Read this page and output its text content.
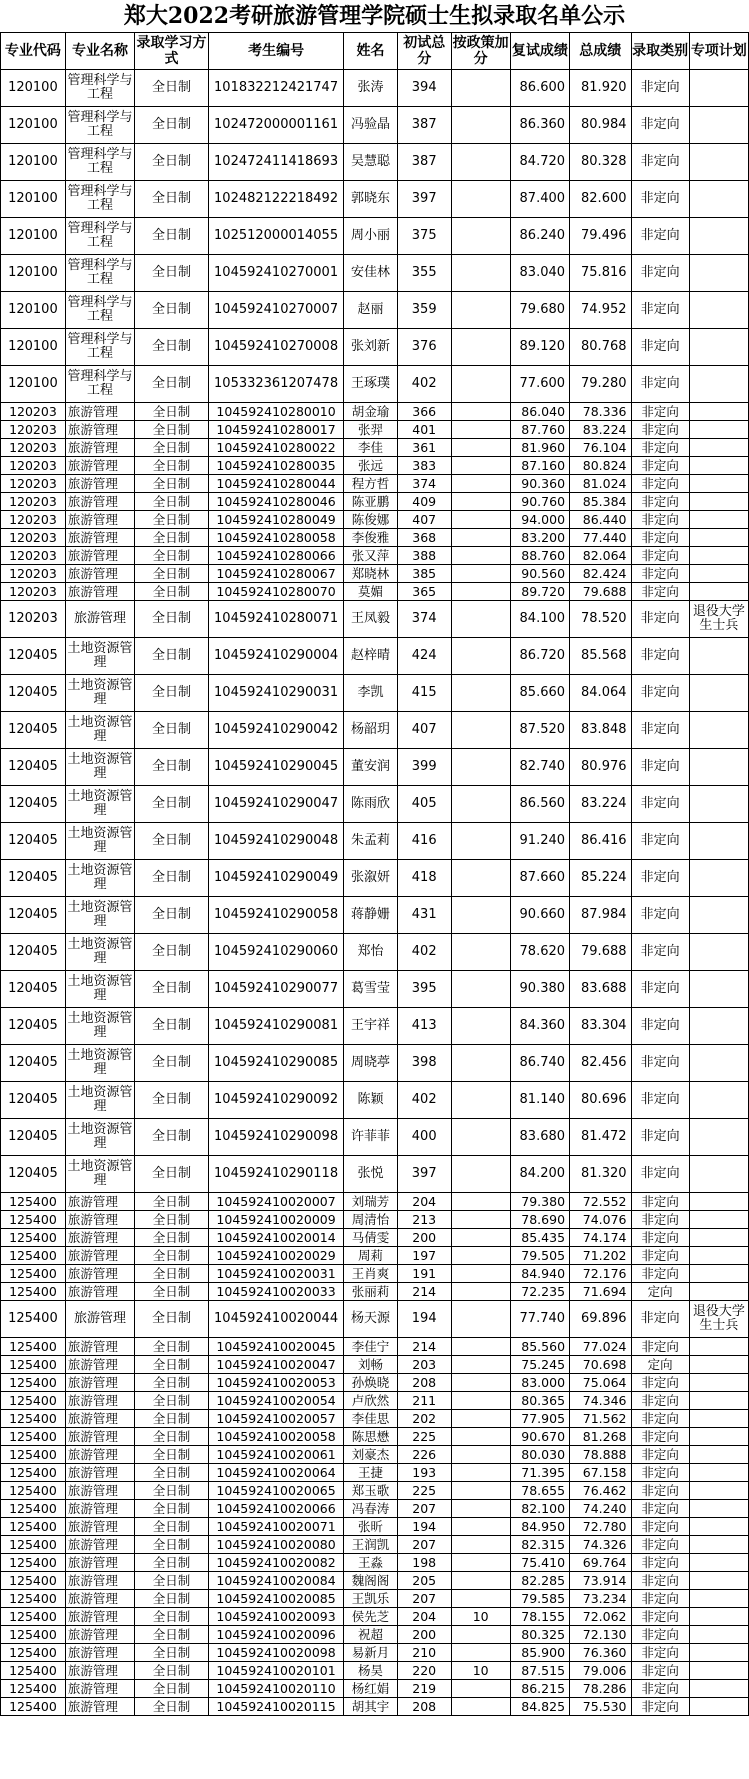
郑大2022考研旅游管理学院硕士生拟录取名单公示
专业代码	专业名称	录取学习方式	考生编号	姓名	初试总分	按政策加分	复试成绩	总成绩	录取类别	专项计划
120100	管理科学与工程	全日制	101832212421747	张涛	394		86.600	81.920	非定向	
120100	管理科学与工程	全日制	102472000001161	冯验晶	387		86.360	80.984	非定向	
120100	管理科学与工程	全日制	102472411418693	吴慧聪	387		84.720	80.328	非定向	
120100	管理科学与工程	全日制	102482122218492	郭晓东	397		87.400	82.600	非定向	
120100	管理科学与工程	全日制	102512000014055	周小丽	375		86.240	79.496	非定向	
120100	管理科学与工程	全日制	104592410270001	安佳林	355		83.040	75.816	非定向	
120100	管理科学与工程	全日制	104592410270007	赵丽	359		79.680	74.952	非定向	
120100	管理科学与工程	全日制	104592410270008	张刘新	376		89.120	80.768	非定向	
120100	管理科学与工程	全日制	105332361207478	王琢璞	402		77.600	79.280	非定向	
120203	旅游管理	全日制	104592410280010	胡金瑜	366		86.040	78.336	非定向	
120203	旅游管理	全日制	104592410280017	张羿	401		87.760	83.224	非定向	
120203	旅游管理	全日制	104592410280022	李佳	361		81.960	76.104	非定向	
120203	旅游管理	全日制	104592410280035	张远	383		87.160	80.824	非定向	
120203	旅游管理	全日制	104592410280044	程方哲	374		90.360	81.024	非定向	
120203	旅游管理	全日制	104592410280046	陈亚鹏	409		90.760	85.384	非定向	
120203	旅游管理	全日制	104592410280049	陈俊娜	407		94.000	86.440	非定向	
120203	旅游管理	全日制	104592410280058	李俊雅	368		83.200	77.440	非定向	
120203	旅游管理	全日制	104592410280066	张又萍	388		88.760	82.064	非定向	
120203	旅游管理	全日制	104592410280067	郑晓林	385		90.560	82.424	非定向	
120203	旅游管理	全日制	104592410280070	莫媚	365		89.720	79.688	非定向	
120203	旅游管理	全日制	104592410280071	王凤毅	374		84.100	78.520	非定向	退役大学生士兵
120405	土地资源管理	全日制	104592410290004	赵梓晴	424		86.720	85.568	非定向	
120405	土地资源管理	全日制	104592410290031	李凯	415		85.660	84.064	非定向	
120405	土地资源管理	全日制	104592410290042	杨韶玥	407		87.520	83.848	非定向	
120405	土地资源管理	全日制	104592410290045	董安润	399		82.740	80.976	非定向	
120405	土地资源管理	全日制	104592410290047	陈雨欣	405		86.560	83.224	非定向	
120405	土地资源管理	全日制	104592410290048	朱孟莉	416		91.240	86.416	非定向	
120405	土地资源管理	全日制	104592410290049	张溆妍	418		87.660	85.224	非定向	
120405	土地资源管理	全日制	104592410290058	蒋静姗	431		90.660	87.984	非定向	
120405	土地资源管理	全日制	104592410290060	郑怡	402		78.620	79.688	非定向	
120405	土地资源管理	全日制	104592410290077	葛雪莹	395		90.380	83.688	非定向	
120405	土地资源管理	全日制	104592410290081	王宇祥	413		84.360	83.304	非定向	
120405	土地资源管理	全日制	104592410290085	周晓葶	398		86.740	82.456	非定向	
120405	土地资源管理	全日制	104592410290092	陈颖	402		81.140	80.696	非定向	
120405	土地资源管理	全日制	104592410290098	许菲菲	400		83.680	81.472	非定向	
120405	土地资源管理	全日制	104592410290118	张悦	397		84.200	81.320	非定向	
125400	旅游管理	全日制	104592410020007	刘瑞芳	204		79.380	72.552	非定向	
125400	旅游管理	全日制	104592410020009	周清怡	213		78.690	74.076	非定向	
125400	旅游管理	全日制	104592410020014	马倩雯	200		85.435	74.174	非定向	
125400	旅游管理	全日制	104592410020029	周莉	197		79.505	71.202	非定向	
125400	旅游管理	全日制	104592410020031	王肖爽	191		84.940	72.176	非定向	
125400	旅游管理	全日制	104592410020033	张丽莉	214		72.235	71.694	定向	
125400	旅游管理	全日制	104592410020044	杨天源	194		77.740	69.896	非定向	退役大学生士兵
125400	旅游管理	全日制	104592410020045	李佳宁	214		85.560	77.024	非定向	
125400	旅游管理	全日制	104592410020047	刘畅	203		75.245	70.698	定向	
125400	旅游管理	全日制	104592410020053	孙焕晓	208		83.000	75.064	非定向	
125400	旅游管理	全日制	104592410020054	卢欣然	211		80.365	74.346	非定向	
125400	旅游管理	全日制	104592410020057	李佳思	202		77.905	71.562	非定向	
125400	旅游管理	全日制	104592410020058	陈思懋	225		90.670	81.268	非定向	
125400	旅游管理	全日制	104592410020061	刘豪杰	226		80.030	78.888	非定向	
125400	旅游管理	全日制	104592410020064	王捷	193		71.395	67.158	非定向	
125400	旅游管理	全日制	104592410020065	郑玉歌	225		78.655	76.462	非定向	
125400	旅游管理	全日制	104592410020066	冯春涛	207		82.100	74.240	非定向	
125400	旅游管理	全日制	104592410020071	张昕	194		84.950	72.780	非定向	
125400	旅游管理	全日制	104592410020080	王润凯	207		82.315	74.326	非定向	
125400	旅游管理	全日制	104592410020082	王淼	198		75.410	69.764	非定向	
125400	旅游管理	全日制	104592410020084	魏阁阁	205		82.285	73.914	非定向	
125400	旅游管理	全日制	104592410020085	王凯乐	207		79.585	73.234	非定向	
125400	旅游管理	全日制	104592410020093	侯先芝	204	10	78.155	72.062	非定向	
125400	旅游管理	全日制	104592410020096	祝超	200		80.325	72.130	非定向	
125400	旅游管理	全日制	104592410020098	易新月	210		85.900	76.360	非定向	
125400	旅游管理	全日制	104592410020101	杨昊	220	10	87.515	79.006	非定向	
125400	旅游管理	全日制	104592410020110	杨红娟	219		86.215	78.286	非定向	
125400	旅游管理	全日制	104592410020115	胡其宇	208		84.825	75.530	非定向	
